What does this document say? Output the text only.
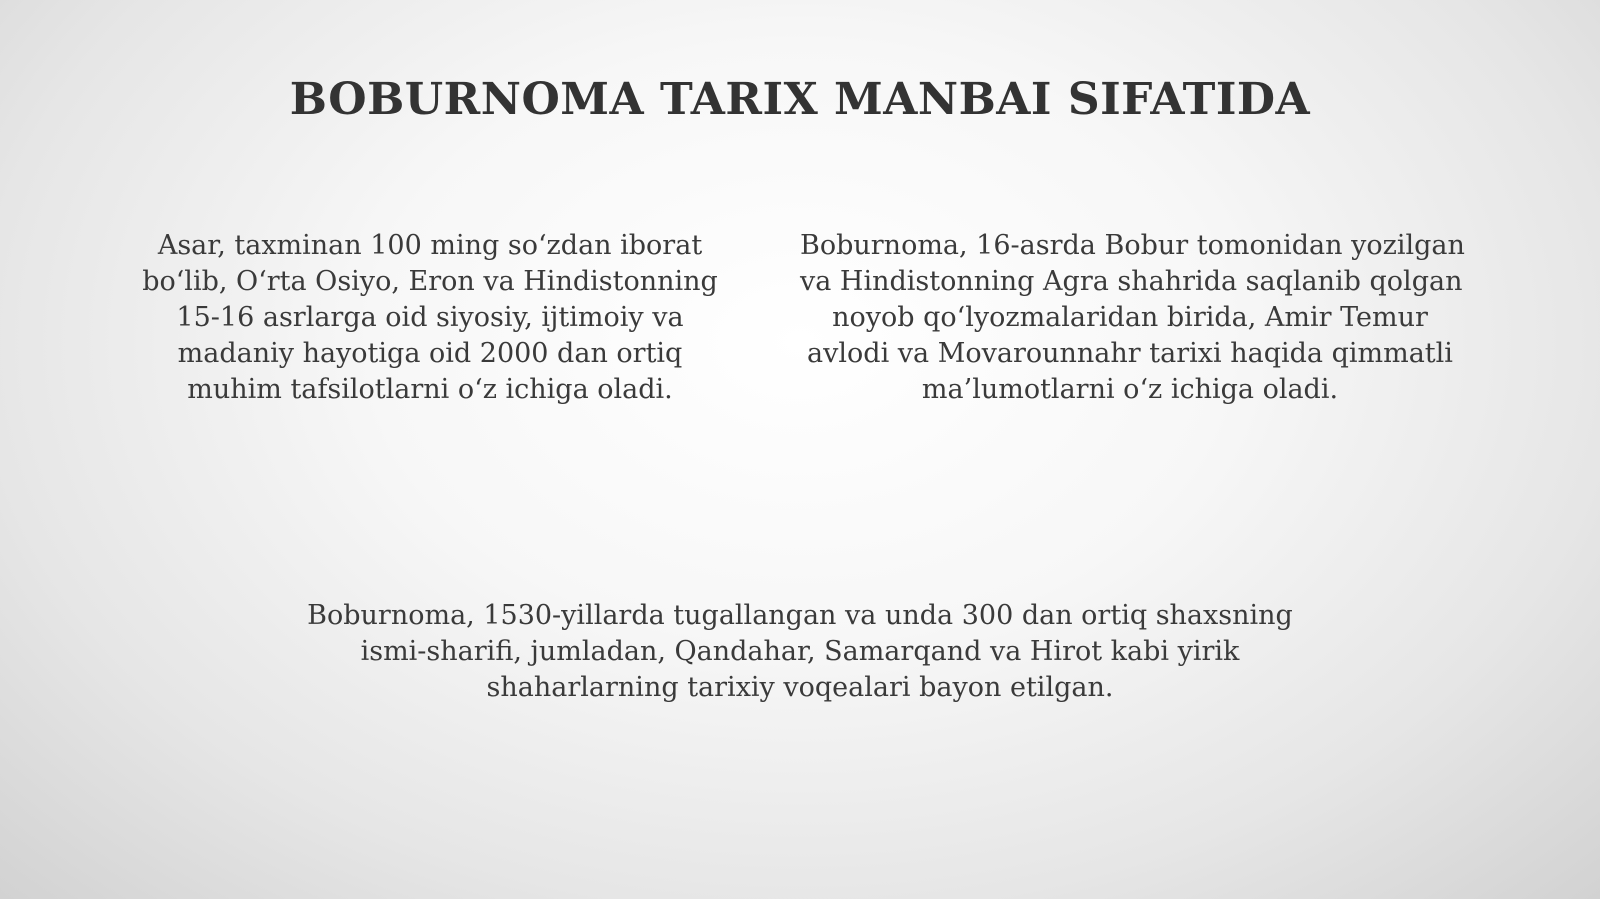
BOBURNOMA TARIX MANBAI SIFATIDA
Asar, taxminan 100 ming so‘zdan iborat
bo‘lib, O‘rta Osiyo, Eron va Hindistonning
15-16 asrlarga oid siyosiy, ijtimoiy va
madaniy hayotiga oid 2000 dan ortiq
muhim tafsilotlarni o‘z ichiga oladi.
Boburnoma, 16-asrda Bobur tomonidan yozilgan
va Hindistonning Agra shahrida saqlanib qolgan
noyob qo‘lyozmalaridan birida, Amir Temur
avlodi va Movarounnahr tarixi haqida qimmatli
ma’lumotlarni o‘z ichiga oladi.
Boburnoma, 1530-yillarda tugallangan va unda 300 dan ortiq shaxsning
ismi-sharifi, jumladan, Qandahar, Samarqand va Hirot kabi yirik
shaharlarning tarixiy voqealari bayon etilgan.
